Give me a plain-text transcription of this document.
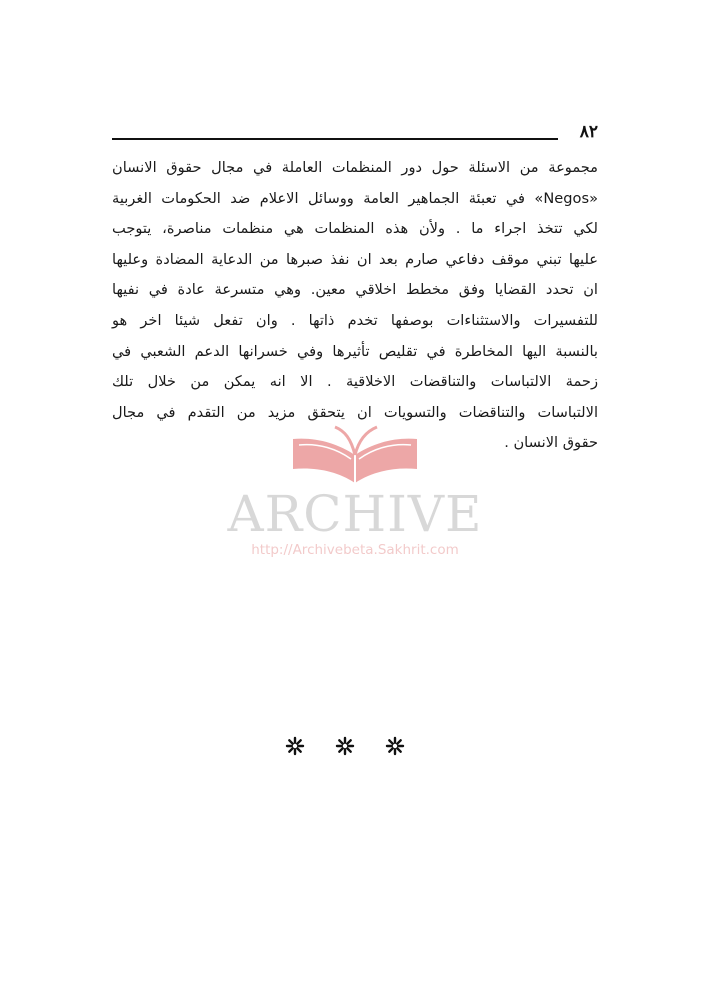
٨٢
مجموعة من الاسئلة حول دور المنظمات العاملة في مجال حقوق الانسان
«Negos» في تعبئة الجماهير العامة ووسائل الاعلام ضد الحكومات الغربية
لكي تتخذ اجراء ما . ولأن هذه المنظمات هي منظمات مناصرة، يتوجب
عليها تبني موقف دفاعي صارم بعد ان نفذ صبرها من الدعاية المضادة وعليها
ان تحدد القضايا وفق مخطط اخلاقي معين. وهي متسرعة عادة في نفيها
للتفسيرات والاستثناءات بوصفها تخدم ذاتها . وان تفعل شيئا اخر هو
بالنسبة اليها المخاطرة في تقليص تأثيرها وفي خسرانها الدعم الشعبي في
زحمة الالتباسات والتناقضات الاخلاقية . الا انه يمكن من خلال تلك
الالتباسات والتناقضات والتسويات ان يتحقق مزيد من التقدم في مجال
حقوق الانسان .
ARCHIVE
http://Archivebeta.Sakhrit.com
